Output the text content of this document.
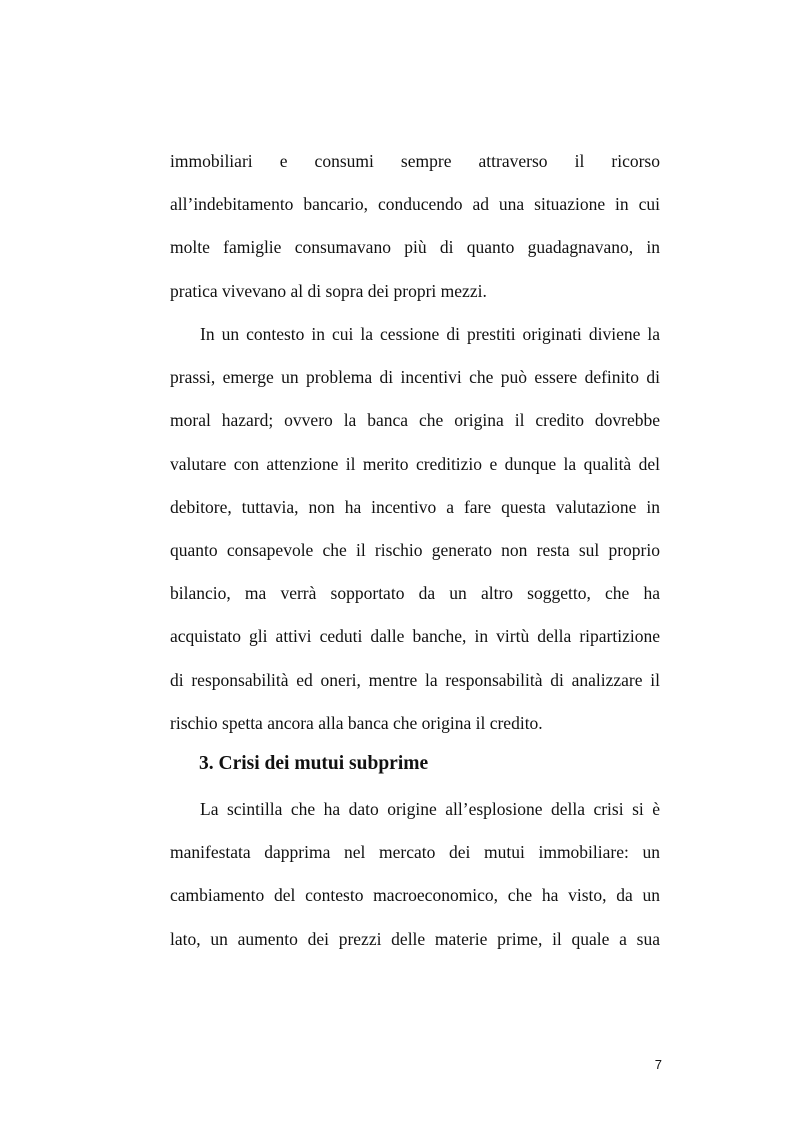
immobiliari e consumi sempre attraverso il ricorso
all’indebitamento bancario, conducendo ad una situazione in cui
molte famiglie consumavano più di quanto guadagnavano, in
pratica vivevano al di sopra dei propri mezzi.
In un contesto in cui la cessione di prestiti originati diviene la
prassi, emerge un problema di incentivi che può essere definito di
moral hazard; ovvero la banca che origina il credito dovrebbe
valutare con attenzione il merito creditizio e dunque la qualità del
debitore, tuttavia, non ha incentivo a fare questa valutazione in
quanto consapevole che il rischio generato non resta sul proprio
bilancio, ma verrà sopportato da un altro soggetto, che ha
acquistato gli attivi ceduti dalle banche, in virtù della ripartizione
di responsabilità ed oneri, mentre la responsabilità di analizzare il
rischio spetta ancora alla banca che origina il credito.
3. Crisi dei mutui subprime
La scintilla che ha dato origine all’esplosione della crisi si è
manifestata dapprima nel mercato dei mutui immobiliare: un
cambiamento del contesto macroeconomico, che ha visto, da un
lato, un aumento dei prezzi delle materie prime, il quale a sua
7
